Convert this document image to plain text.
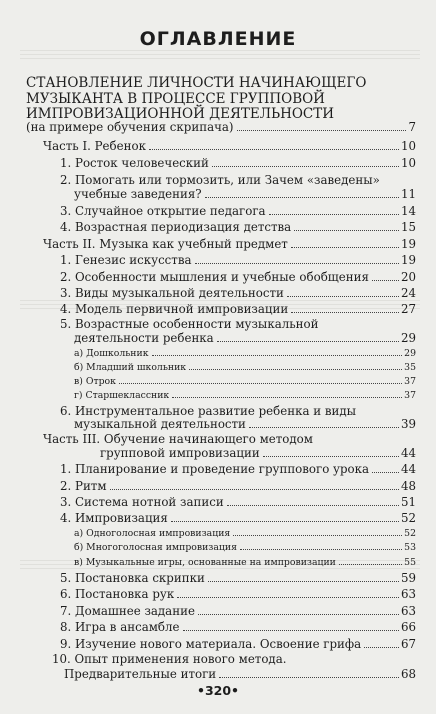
ОГЛАВЛЕНИЕ
СТАНОВЛЕНИЕ ЛИЧНОСТИ НАЧИНАЮЩЕГО
МУЗЫКАНТА В ПРОЦЕССЕ ГРУППОВОЙ
ИМПРОВИЗАЦИОННОЙ ДЕЯТЕЛЬНОСТИ
(на примере обучения скрипача)	7
Часть I. Ребенок	10
1. Росток человеческий	10
2. Помогать или тормозить, или Зачем «заведены»
учебные заведения?	11
3. Случайное открытие педагога	14
4. Возрастная периодизация детства	15
Часть II. Музыка как учебный предмет	19
1. Генезис искусства	19
2. Особенности мышления и учебные обобщения	20
3. Виды музыкальной деятельности	24
4. Модель первичной импровизации	27
5. Возрастные особенности музыкальной
деятельности ребенка	29
а) Дошкольник	29
б) Младший школьник	35
в) Отрок	37
г) Старшеклассник	37
6. Инструментальное развитие ребенка и виды
музыкальной деятельности	39
Часть III. Обучение начинающего методом
групповой импровизации	44
1. Планирование и проведение группового урока	44
2. Ритм	48
3. Система нотной записи	51
4. Импровизация	52
а) Одноголосная импровизация	52
б) Многоголосная импровизация	53
в) Музыкальные игры, основанные на импровизации	55
5. Постановка скрипки	59
6. Постановка рук	63
7. Домашнее задание	63
8. Игра в ансамбле	66
9. Изучение нового материала. Освоение грифа	67
10. Опыт применения нового метода.
Предварительные итоги	68
•320•
